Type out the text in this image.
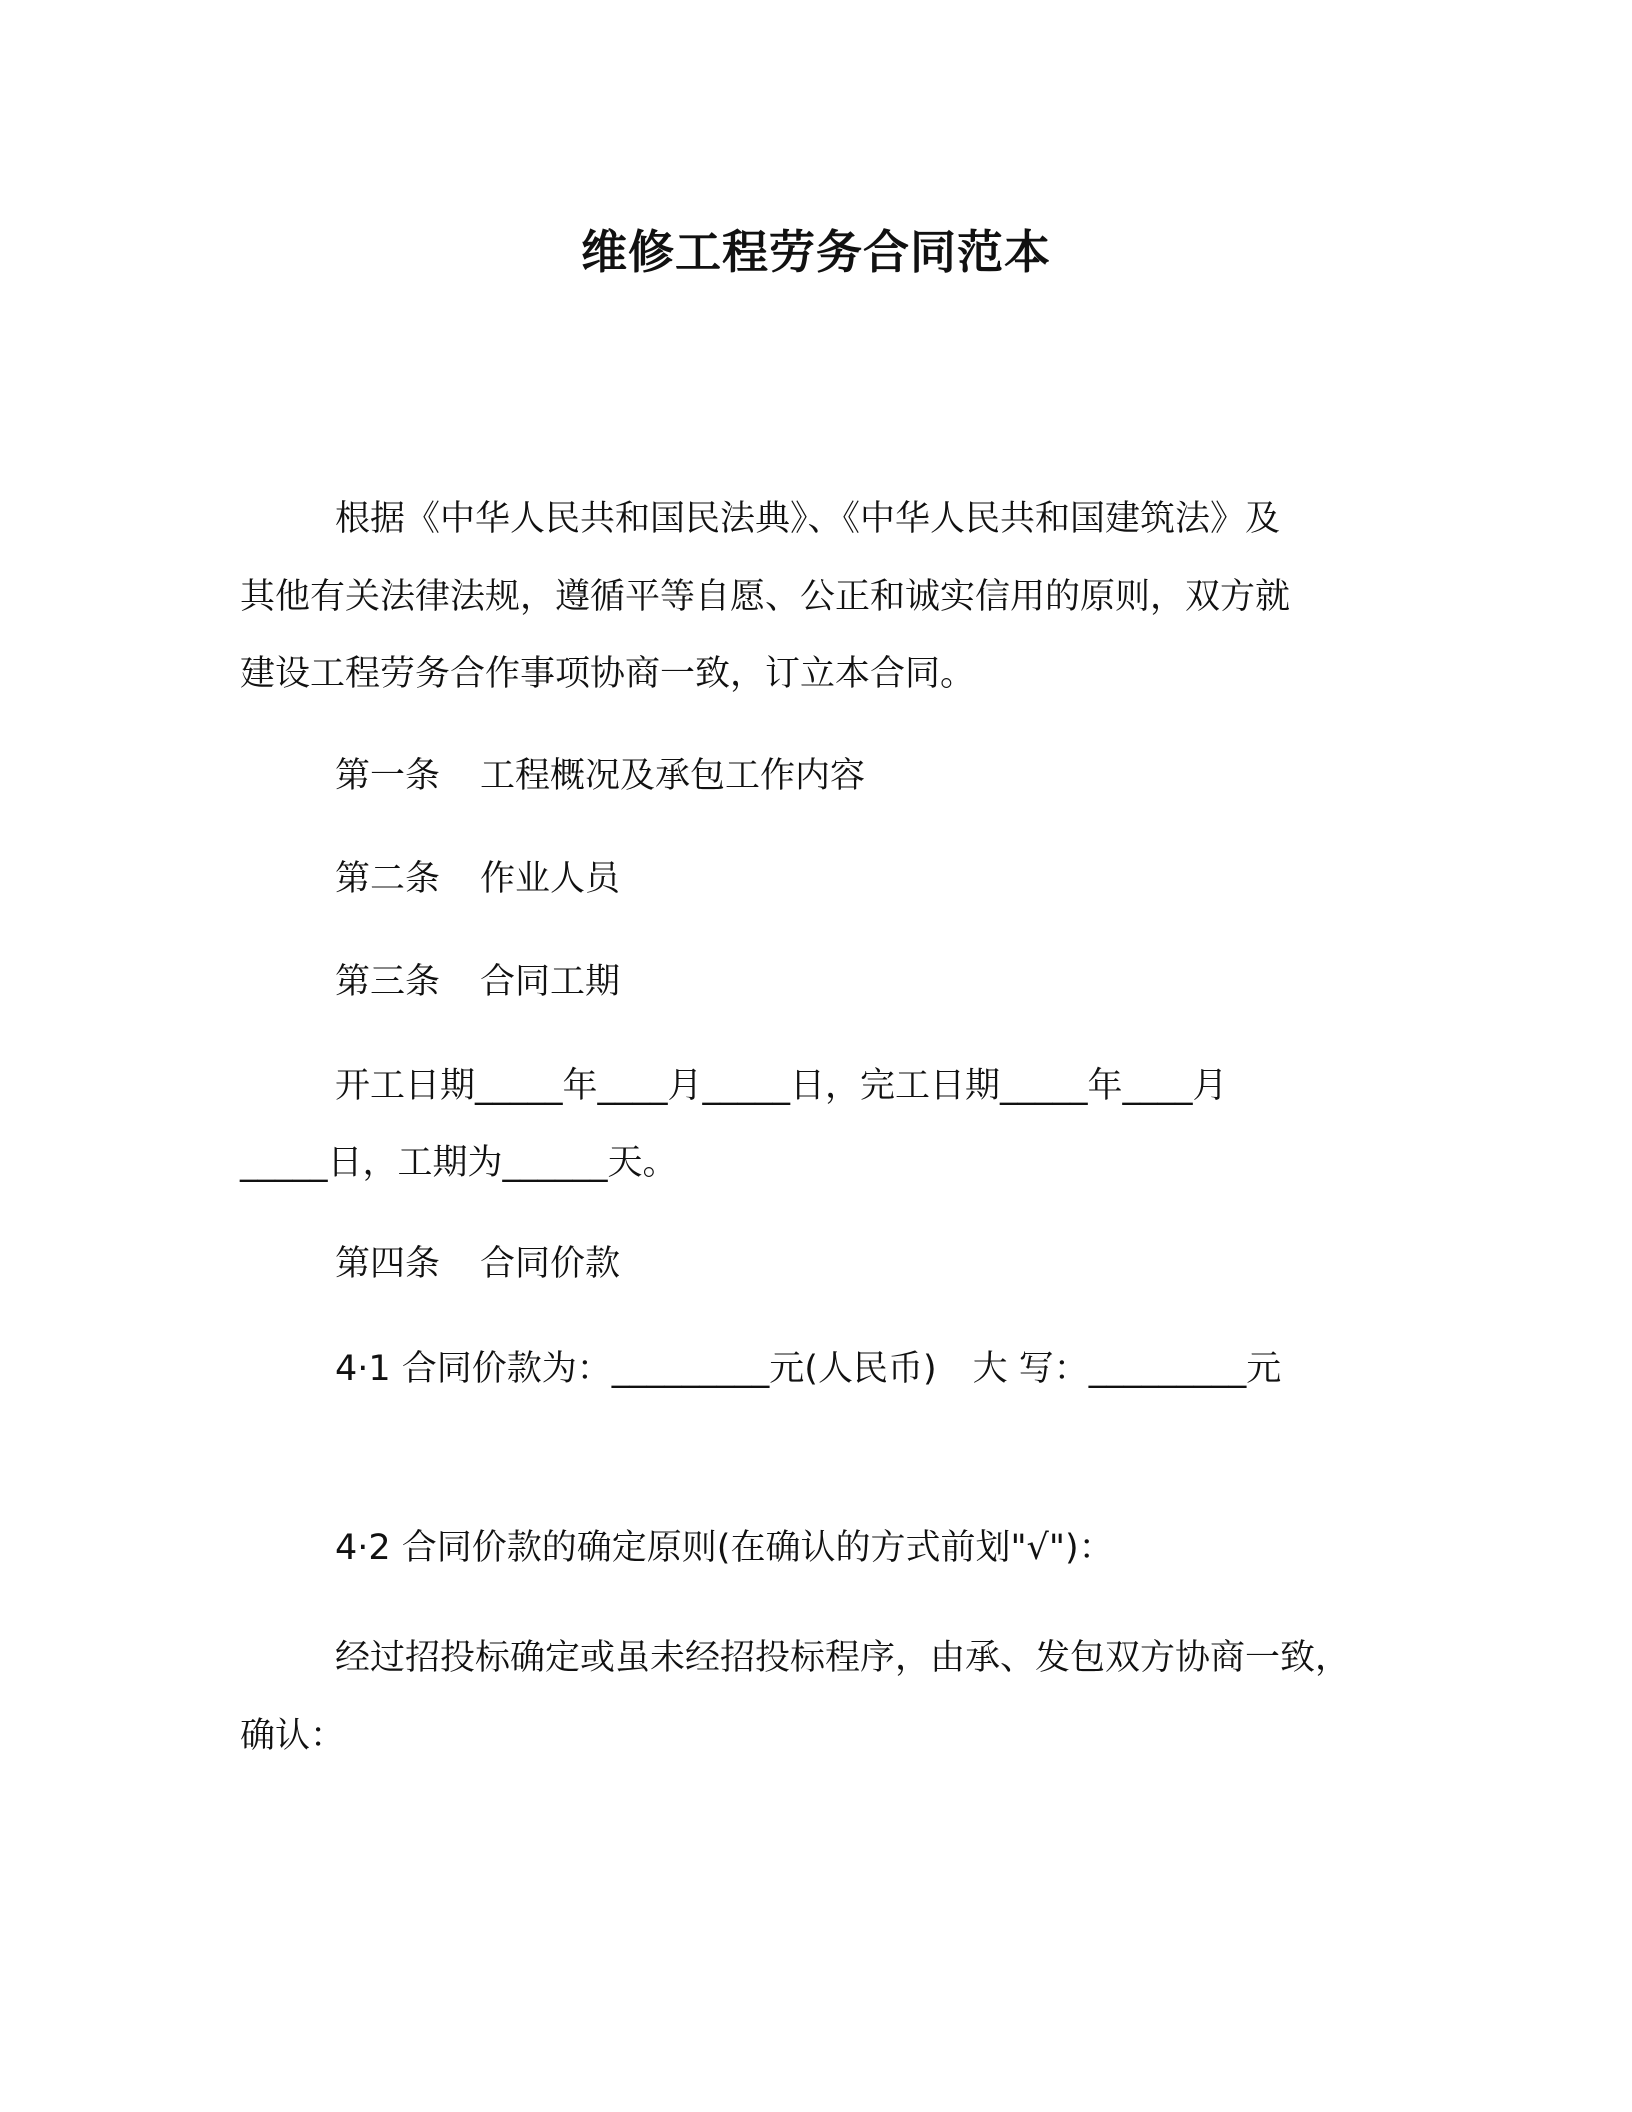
维修工程劳务合同范本
根据《中华人民共和国民法典》、《中华人民共和国建筑法》及
其他有关法律法规，遵循平等自愿、公正和诚实信用的原则，双方就
建设工程劳务合作事项协商一致，订立本合同。
第一条 工程概况及承包工作内容
第二条 作业人员
第三条 合同工期
开工日期_____年____月_____日，完工日期_____年____月
_____日，工期为______天。
第四条 合同价款
4·1 合同价款为：_________元(人民币) 大 写：_________元
4·2 合同价款的确定原则(在确认的方式前划"√")：
经过招投标确定或虽未经招投标程序，由承、发包双方协商一致，
确认：
